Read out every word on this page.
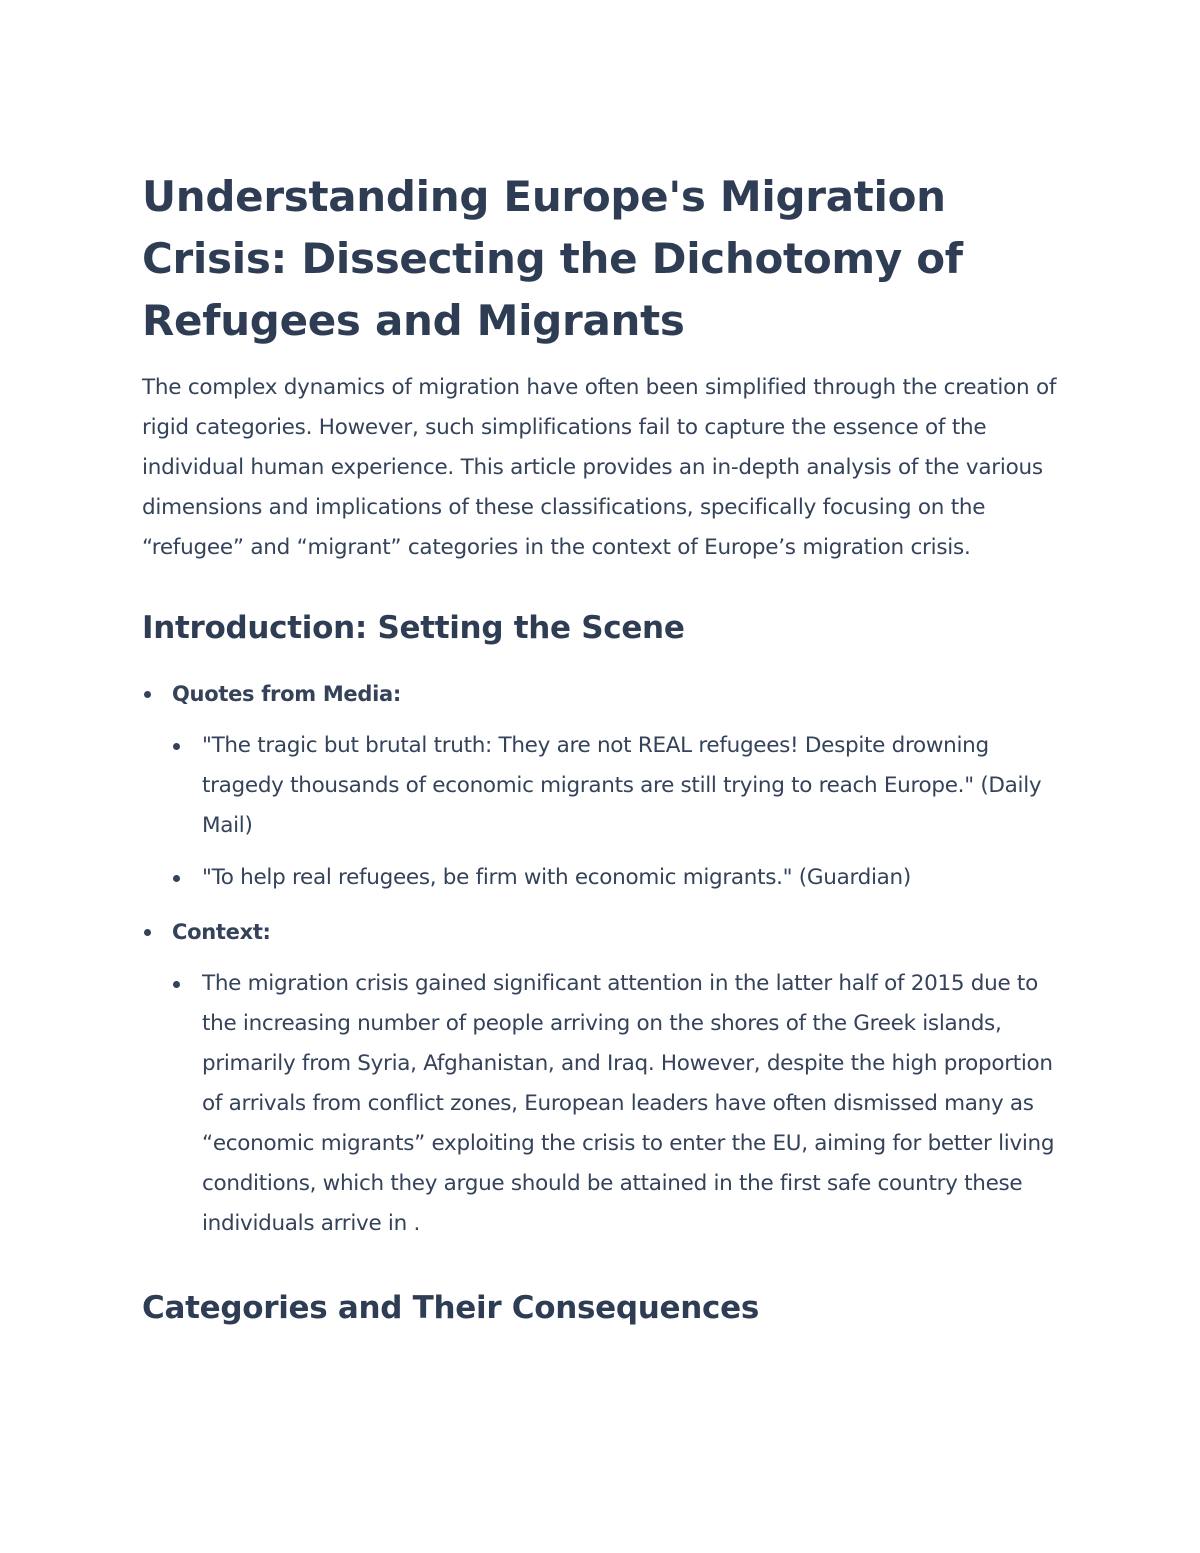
Understanding Europe's Migration Crisis: Dissecting the Dichotomy of Refugees and Migrants

The complex dynamics of migration have often been simplified through the creation of rigid categories. However, such simplifications fail to capture the essence of the individual human experience. This article provides an in-depth analysis of the various dimensions and implications of these classifications, specifically focusing on the “refugee” and “migrant” categories in the context of Europe’s migration crisis.

Introduction: Setting the Scene
Quotes from Media:
"The tragic but brutal truth: They are not REAL refugees! Despite drowning tragedy thousands of economic migrants are still trying to reach Europe." (Daily Mail)
"To help real refugees, be firm with economic migrants." (Guardian)
Context:
The migration crisis gained significant attention in the latter half of 2015 due to the increasing number of people arriving on the shores of the Greek islands, primarily from Syria, Afghanistan, and Iraq. However, despite the high proportion of arrivals from conflict zones, European leaders have often dismissed many as “economic migrants” exploiting the crisis to enter the EU, aiming for better living conditions, which they argue should be attained in the first safe country these individuals arrive in .
Categories and Their Consequences
